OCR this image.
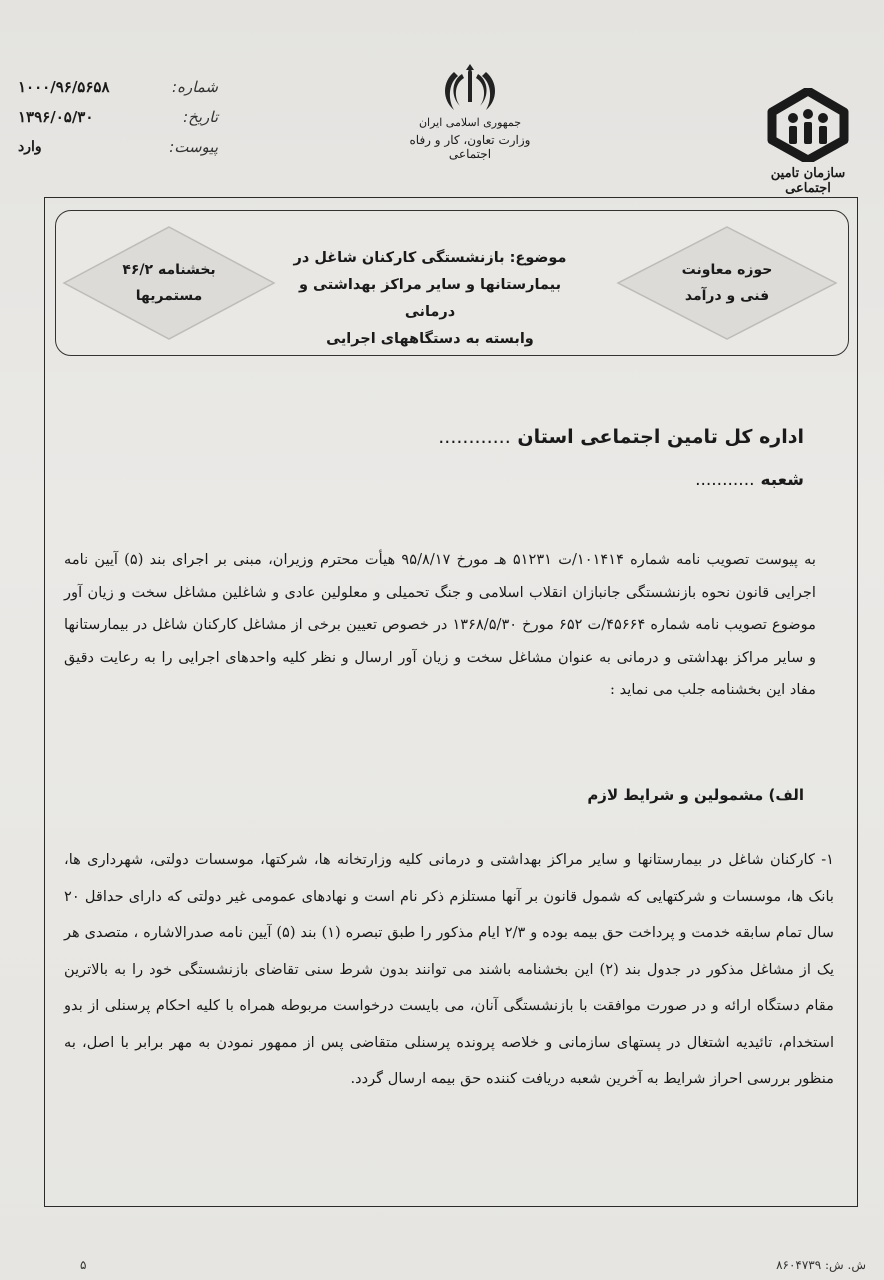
۱۰۰۰/۹۶/۵۶۵۸	شماره:
۱۳۹۶/۰۵/۳۰	تاریخ:
وارد	پیوست:
جمهوری اسلامی ایران
وزارت تعاون، کار و رفاه اجتماعی
سازمان تامین اجتماعی
حوزه معاونت
فنی و درآمد
موضوع: بازنشستگی کارکنان شاغل در
بیمارستانها و سایر مراکز بهداشتی و درمانی
وابسته به دستگاههای اجرایی
بخشنامه ۴۶/۲
مستمریها
اداره کل تامین اجتماعی استان ............
شعبه ...........

به پیوست تصویب نامه شماره ۱۰۱۴۱۴/ت ۵۱۲۳۱ هـ مورخ ۹۵/۸/۱۷ هیأت محترم وزیران، مبنی بر اجرای بند (۵) آیین نامه اجرایی قانون نحوه بازنشستگی جانبازان انقلاب اسلامی و جنگ تحمیلی و معلولین عادی و شاغلین مشاغل سخت و زیان آور موضوع تصویب نامه شماره ۴۵۶۶۴/ت ۶۵۲ مورخ ۱۳۶۸/۵/۳۰ در خصوص تعیین برخی از مشاغل کارکنان شاغل در بیمارستانها و سایر مراکز بهداشتی و درمانی به عنوان مشاغل سخت و زیان آور ارسال و نظر کلیه واحدهای اجرایی را به رعایت دقیق مفاد این بخشنامه جلب می نماید :

الف) مشمولین و شرایط لازم

۱- کارکنان شاغل در بیمارستانها و سایر مراکز بهداشتی و درمانی کلیه وزارتخانه ها، شرکتها، موسسات دولتی، شهرداری ها، بانک ها، موسسات و شرکتهایی که شمول قانون بر آنها مستلزم ذکر نام است و نهادهای عمومی غیر دولتی که دارای حداقل ۲۰ سال تمام سابقه خدمت و پرداخت حق بیمه بوده و ۲/۳ ایام مذکور را طبق تبصره (۱) بند (۵) آیین نامه صدرالاشاره ، متصدی هر یک از مشاغل مذکور در جدول بند (۲) این بخشنامه باشند می توانند بدون شرط سنی تقاضای بازنشستگی خود را به بالاترین مقام دستگاه ارائه و در صورت موافقت با بازنشستگی آنان، می بایست درخواست مربوطه همراه با کلیه احکام پرسنلی از بدو استخدام، تائیدیه اشتغال در پستهای سازمانی و خلاصه پرونده پرسنلی متقاضی پس از ممهور نمودن به مهر برابر با اصل، به منظور بررسی احراز شرایط به آخرین شعبه دریافت کننده حق بیمه ارسال گردد.

۵	ش. ش: ۸۶۰۴۷۳۹
